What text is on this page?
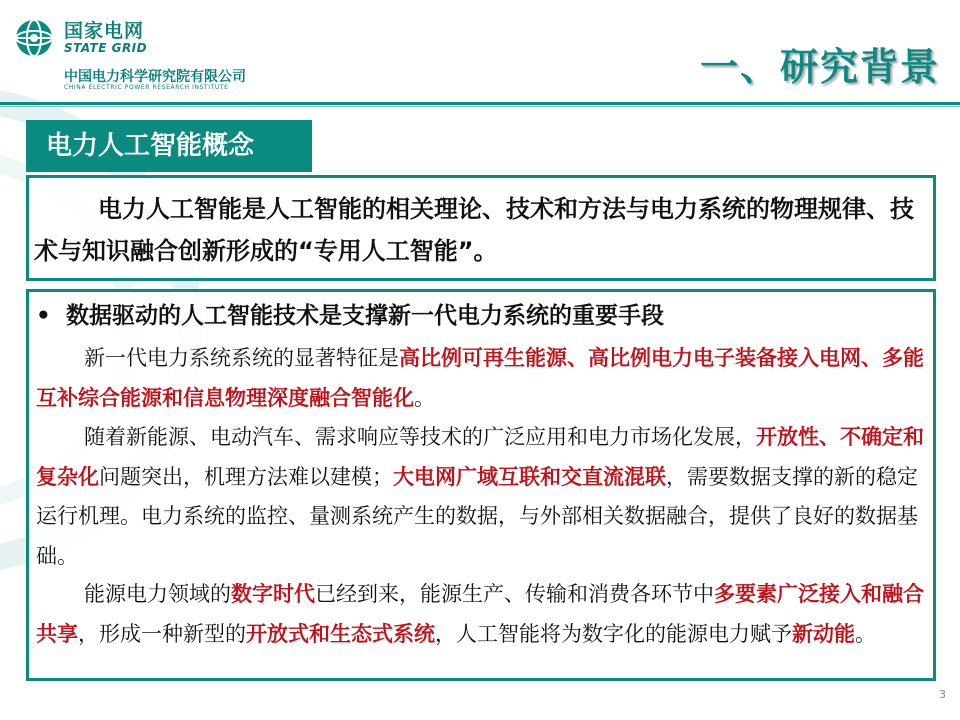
国家电网
STATE GRID
中国电力科学研究院有限公司
CHINA ELECTRIC POWER RESEARCH INSTITUTE	一、研究背景
电力人工智能概念
电力人工智能是人工智能的相关理论、技术和方法与电力系统的物理规律、技术与知识融合创新形成的“专用人工智能”。
• 数据驱动的人工智能技术是支撑新一代电力系统的重要手段
新一代电力系统系统的显著特征是高比例可再生能源、高比例电力电子装备接入电网、多能互补综合能源和信息物理深度融合智能化。
随着新能源、电动汽车、需求响应等技术的广泛应用和电力市场化发展，开放性、不确定和复杂化问题突出，机理方法难以建模；大电网广域互联和交直流混联，需要数据支撑的新的稳定运行机理。电力系统的监控、量测系统产生的数据，与外部相关数据融合，提供了良好的数据基础。
能源电力领域的数字时代已经到来，能源生产、传输和消费各环节中多要素广泛接入和融合共享，形成一种新型的开放式和生态式系统，人工智能将为数字化的能源电力赋予新动能。
3
